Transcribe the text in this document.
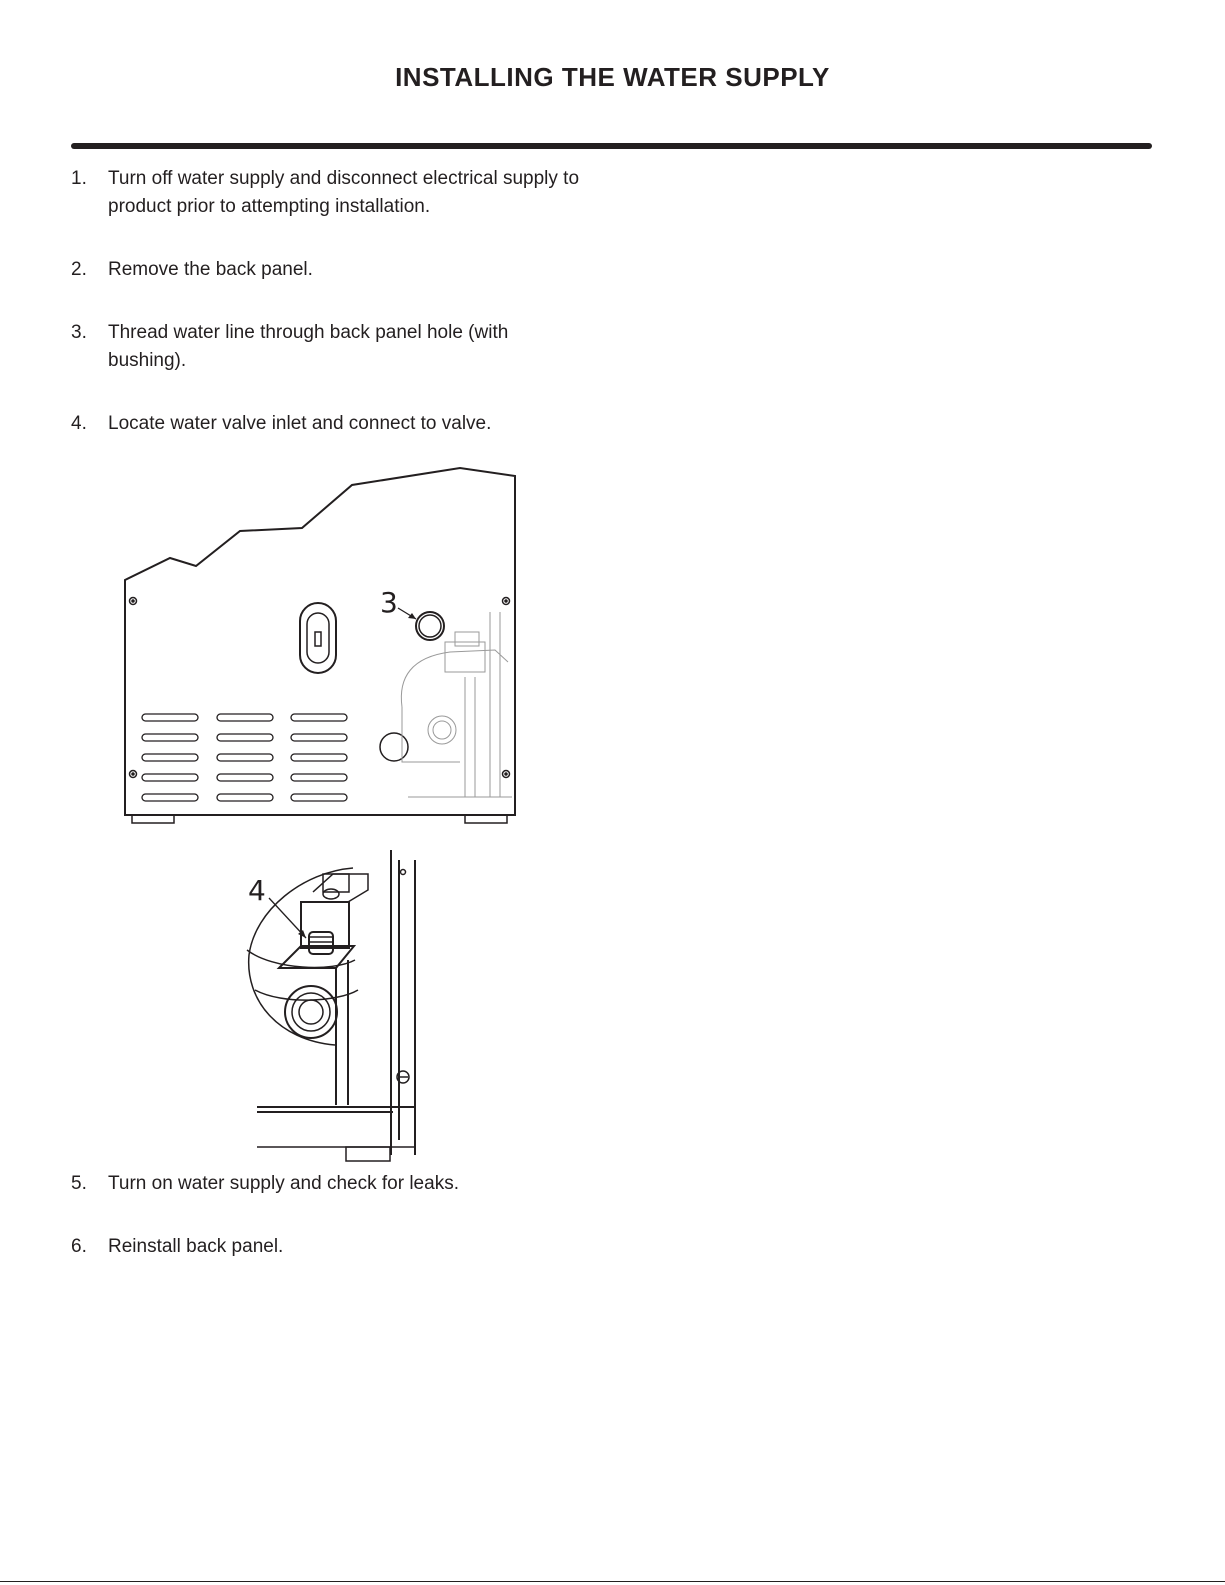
INSTALLING THE WATER SUPPLY
1. Turn off water supply and disconnect electrical supply to product prior to attempting installation.
2. Remove the back panel.
3. Thread water line through back panel hole (with bushing).
4. Locate water valve inlet and connect to valve.
3
4
5. Turn on water supply and check for leaks.
6. Reinstall back panel.
